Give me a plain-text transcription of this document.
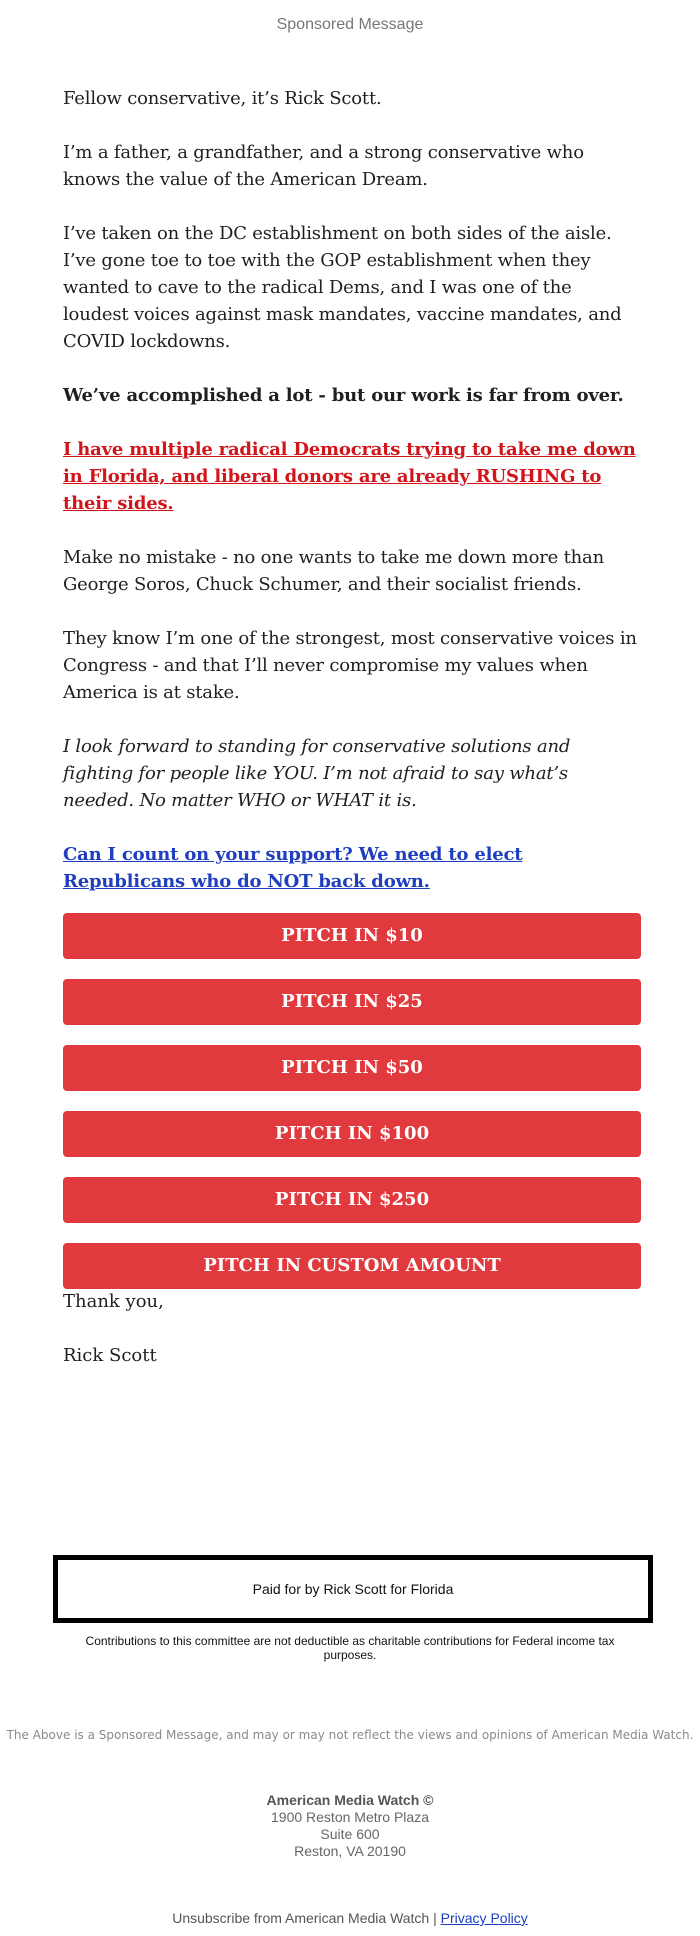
Sponsored Message

Fellow conservative, it’s Rick Scott.

I’m a father, a grandfather, and a strong conservative who knows the value of the American Dream.

I’ve taken on the DC establishment on both sides of the aisle. I’ve gone toe to toe with the GOP establishment when they wanted to cave to the radical Dems, and I was one of the loudest voices against mask mandates, vaccine mandates, and COVID lockdowns.

We’ve accomplished a lot - but our work is far from over.

I have multiple radical Democrats trying to take me down in Florida, and liberal donors are already RUSHING to their sides.

Make no mistake - no one wants to take me down more than George Soros, Chuck Schumer, and their socialist friends.

They know I’m one of the strongest, most conservative voices in Congress - and that I’ll never compromise my values when America is at stake.

I look forward to standing for conservative solutions and fighting for people like YOU. I’m not afraid to say what’s needed. No matter WHO or WHAT it is.

Can I count on your support? We need to elect Republicans who do NOT back down.

PITCH IN $10
PITCH IN $25
PITCH IN $50
PITCH IN $100
PITCH IN $250
PITCH IN CUSTOM AMOUNT

Thank you,

Rick Scott

Paid for by Rick Scott for Florida
Contributions to this committee are not deductible as charitable contributions for Federal income tax purposes.
The Above is a Sponsored Message, and may or may not reflect the views and opinions of American Media Watch.
American Media Watch ©
1900 Reston Metro Plaza
Suite 600
Reston, VA 20190
Unsubscribe from American Media Watch | Privacy Policy
